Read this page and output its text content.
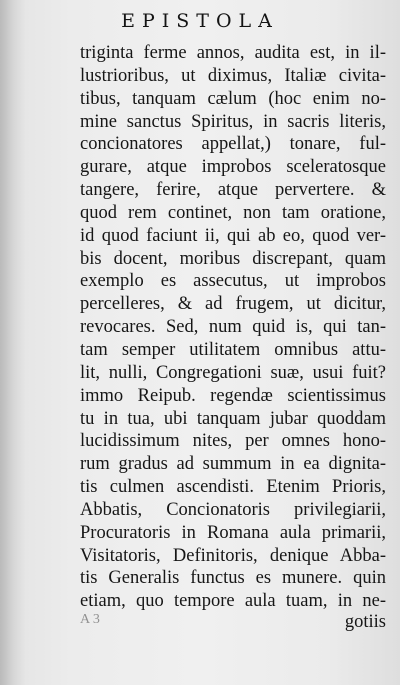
EPISTOLA
triginta ferme annos, audita est, in il-
lustrioribus, ut diximus, Italiæ civita-
tibus, tanquam cælum (hoc enim no-
mine sanctus Spiritus, in sacris literis,
concionatores appellat,) tonare, ful-
gurare, atque improbos sceleratosque
tangere, ferire, atque pervertere. &
quod rem continet, non tam oratione,
id quod faciunt ii, qui ab eo, quod ver-
bis docent, moribus discrepant, quam
exemplo es assecutus, ut improbos
percelleres, & ad frugem, ut dicitur,
revocares. Sed, num quid is, qui tan-
tam semper utilitatem omnibus attu-
lit, nulli, Congregationi suæ, usui fuit?
immo Reipub. regendæ scientissimus
tu in tua, ubi tanquam jubar quoddam
lucidissimum nites, per omnes hono-
rum gradus ad summum in ea dignita-
tis culmen ascendisti. Etenim Prioris,
Abbatis, Concionatoris privilegiarii,
Procuratoris in Romana aula primarii,
Visitatoris, Definitoris, denique Abba-
tis Generalis functus es munere. quin
etiam, quo tempore aula tuam, in ne-
A 3	gotiis
